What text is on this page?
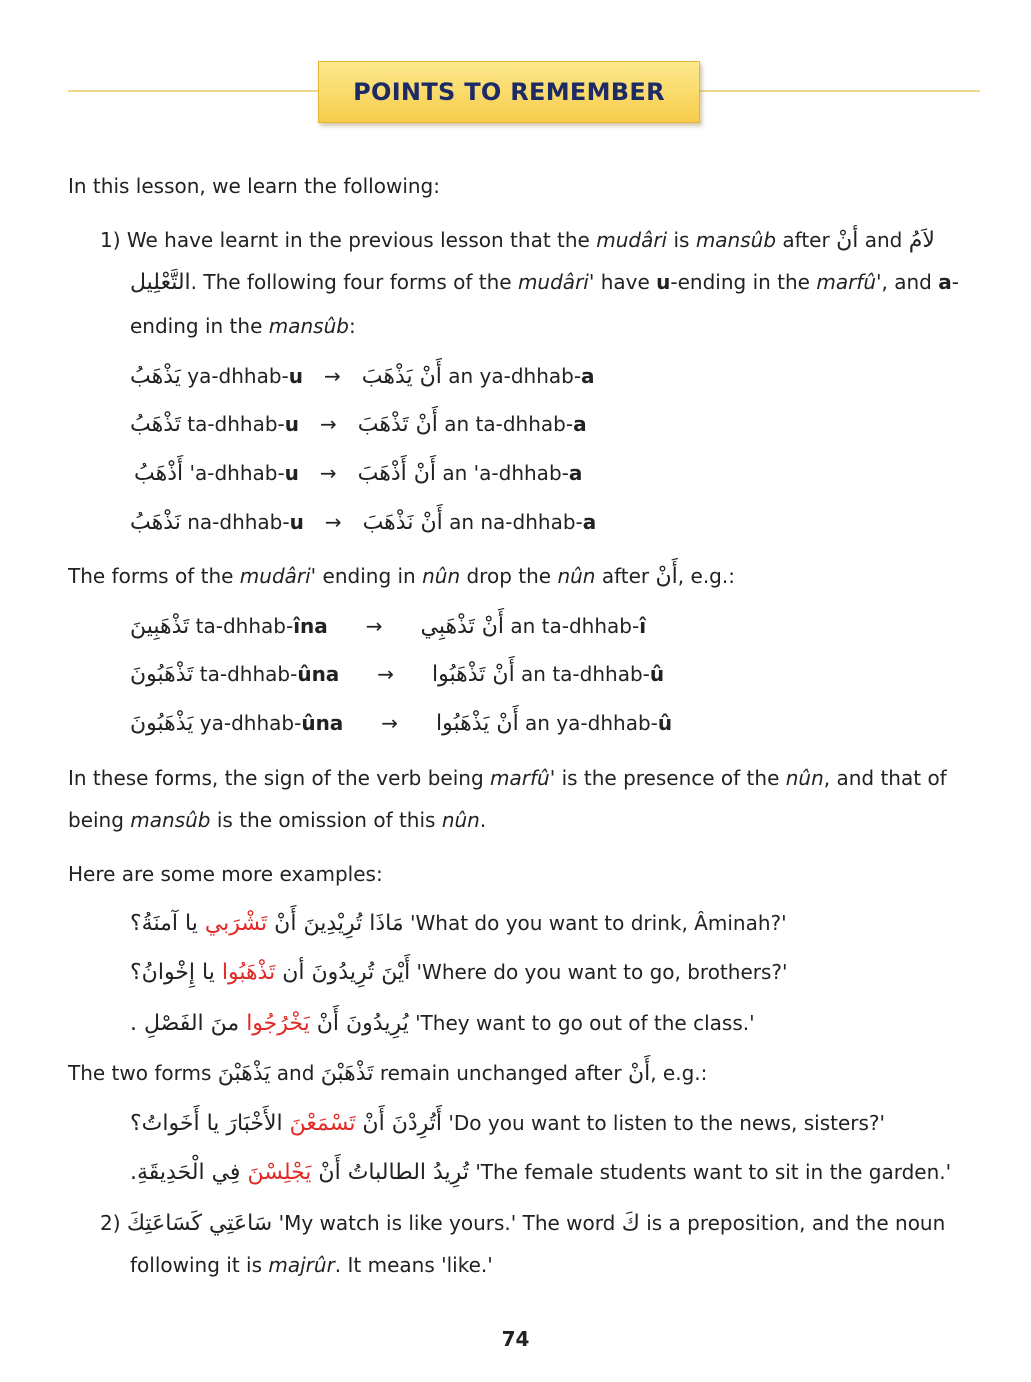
POINTS TO REMEMBER
In this lesson, we learn the following:
1) We have learnt in the previous lesson that the mudâri is mansûb after أنْ and لاَمُ
التَّعْلِيل. The following four forms of the mudâri' have u-ending in the marfû', and a-
ending in the mansûb:
يَذْهَبُ ya-dhhab-u → أَنْ يَذْهَبَ an ya-dhhab-a
تَذْهَبُ ta-dhhab-u → أَنْ تَذْهَبَ an ta-dhhab-a
أَذْهَبُ 'a-dhhab-u → أَنْ أَذْهَبَ an 'a-dhhab-a
نَذْهَبُ na-dhhab-u → أَنْ نَذْهَبَ an na-dhhab-a
The forms of the mudâri' ending in nûn drop the nûn after أَنْ, e.g.:
تَذْهَبِينَ ta-dhhab-îna → أَنْ تَذْهَبِي an ta-dhhab-î
تَذْهَبُونَ ta-dhhab-ûna → أَنْ تَذْهَبُوا an ta-dhhab-û
يَذْهَبُونَ ya-dhhab-ûna → أَنْ يَذْهَبُوا an ya-dhhab-û
In these forms, the sign of the verb being marfû' is the presence of the nûn, and that of
being mansûb is the omission of this nûn.
Here are some more examples:
مَاذَا تُرِيْدِينَ أَنْ تَشْرَبي يا آمنَةُ؟	'What do you want to drink, Âminah?'
أَيْنَ تُرِيدُونَ أن تَذْهَبُوا يا إِخْوانُ؟	'Where do you want to go, brothers?'
يُرِيدُونَ أَنْ يَخْرُجُوا منَ الفَصْلِ .	'They want to go out of the class.'
The two forms يَذْهَبْنَ and تَذْهَبْنَ remain unchanged after أَنْ, e.g.:
أَتُرِدْنَ أَنْ تَسْمَعْنَ الأَخْبَارَ يا أَخَواتُ؟	'Do you want to listen to the news, sisters?'
تُرِيدُ الطالباتُ أَنْ يَجْلِسْنَ فِي الْحَدِيقَةِ.	'The female students want to sit in the garden.'
2) سَاعَتِي كَسَاعَتِكَ 'My watch is like yours.' The word كَ is a preposition, and the noun
following it is majrûr. It means 'like.'
74
